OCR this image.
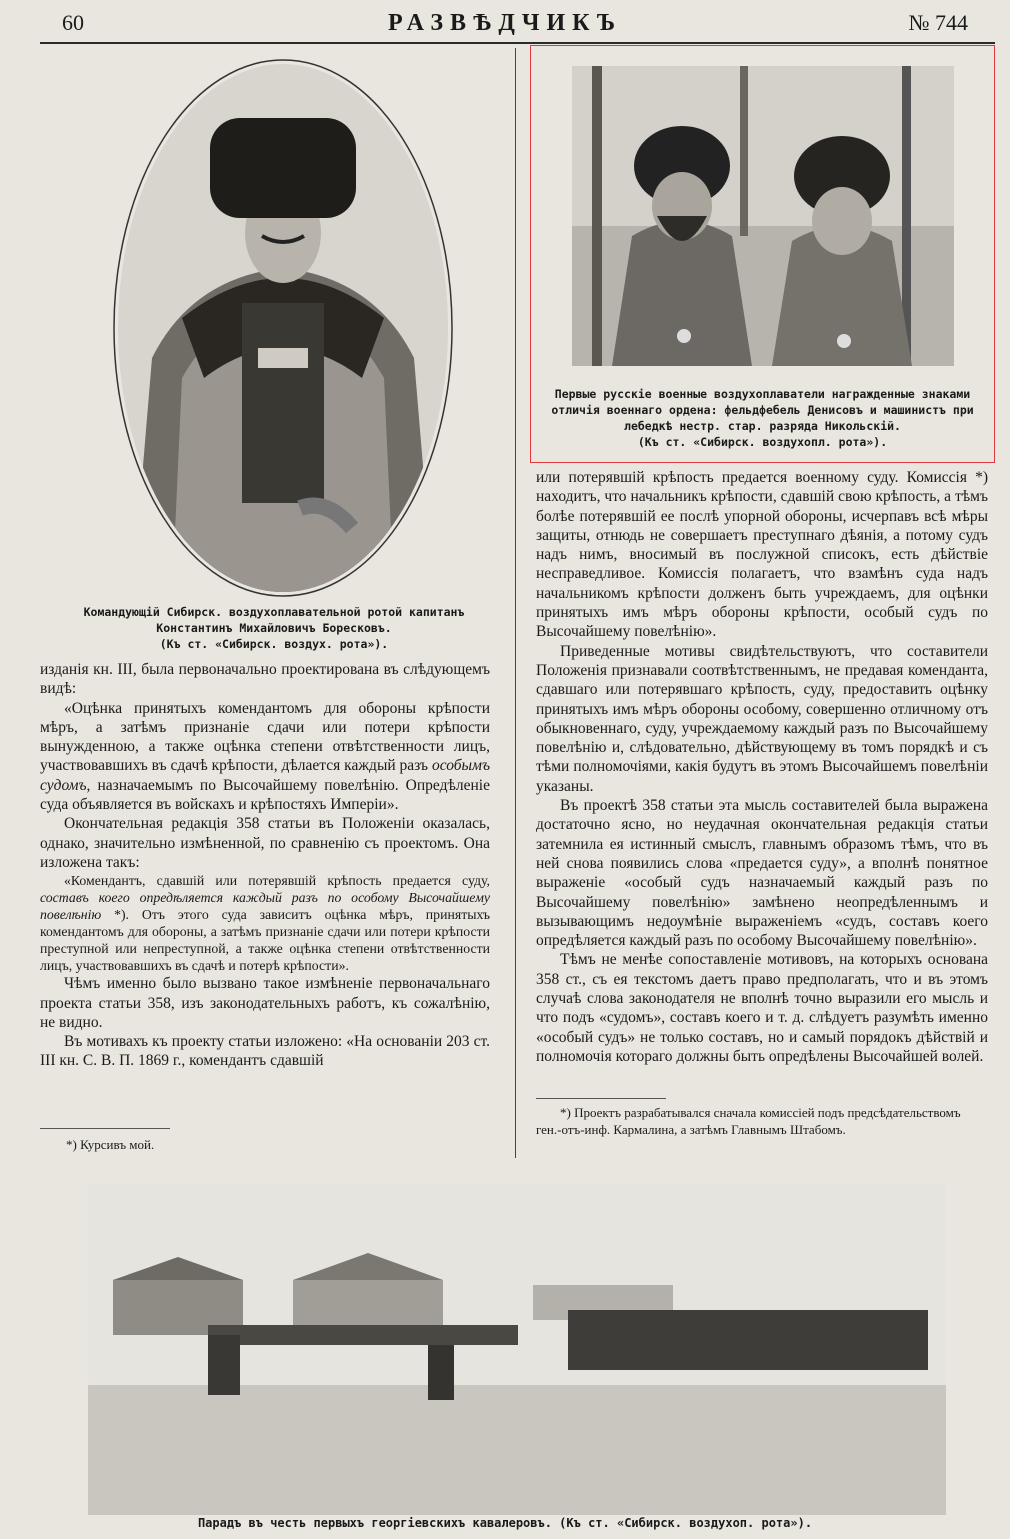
60	РАЗВѢДЧИКЪ	№ 744
Командующій Сибирск. воздухоплавательной ротой капитанъ
Константинъ Михайловичъ Боресковъ.
(Къ ст. «Сибирск. воздух. рота»).
Первые русскіе военные воздухоплаватели награжденные знаками
отличія военнаго ордена: фельдфебель Денисовъ и машинистъ при
лебедкѣ нестр. стар. разряда Никольскій.
(Къ ст. «Сибирск. воздухопл. рота»).

изданія кн. III, была первоначально проектирована въ слѣдующемъ видѣ:

«Оцѣнка принятыхъ комендантомъ для обороны крѣпости мѣръ, а затѣмъ признаніе сдачи или потери крѣпости вынужденною, а также оцѣнка степени отвѣтственности лицъ, участвовавшихъ въ сдачѣ крѣпости, дѣлается каждый разъ особымъ судомъ, назначаемымъ по Высочайшему повелѣнію. Опредѣленіе суда объявляется въ войскахъ и крѣпостяхъ Имперіи».

Окончательная редакція 358 статьи въ Положеніи оказалась, однако, значительно измѣненной, по сравненію съ проектомъ. Она изложена такъ:

«Комендантъ, сдавшій или потерявшій крѣпость предается суду, составъ коего опредѣляется каждый разъ по особому Высочайшему повелѣнію *). Отъ этого суда зависитъ оцѣнка мѣръ, принятыхъ комендантомъ для обороны, а затѣмъ признаніе сдачи или потери крѣпости преступной или непреступной, а также оцѣнка степени отвѣтственности лицъ, участвовавшихъ въ сдачѣ и потерѣ крѣпости».

Чѣмъ именно было вызвано такое измѣненіе первоначальнаго проекта статьи 358, изъ законодательныхъ работъ, къ сожалѣнію, не видно.

Въ мотивахъ къ проекту статьи изложено: «На основаніи 203 ст. III кн. С. В. П. 1869 г., комендантъ сдавшій

*) Курсивъ мой.

или потерявшій крѣпость предается военному суду. Комиссія *) находитъ, что начальникъ крѣпости, сдавшій свою крѣпость, а тѣмъ болѣе потерявшій ее послѣ упорной обороны, исчерпавъ всѣ мѣры защиты, отнюдь не совершаетъ преступнаго дѣянія, а потому судъ надъ нимъ, вносимый въ послужной списокъ, есть дѣйствіе несправедливое. Комиссія полагаетъ, что взамѣнъ суда надъ начальникомъ крѣпости долженъ быть учреждаемъ, для оцѣнки принятыхъ имъ мѣръ обороны крѣпости, особый судъ по Высочайшему повелѣнію».

Приведенные мотивы свидѣтельствуютъ, что составители Положенія признавали соотвѣтственнымъ, не предавая коменданта, сдавшаго или потерявшаго крѣпость, суду, предоставить оцѣнку принятыхъ имъ мѣръ обороны особому, совершенно отличному отъ обыкновеннаго, суду, учреждаемому каждый разъ по Высочайшему повелѣнію и, слѣдовательно, дѣйствующему въ томъ порядкѣ и съ тѣми полномочіями, какія будутъ въ этомъ Высочайшемъ повелѣніи указаны.

Въ проектѣ 358 статьи эта мысль составителей была выражена достаточно ясно, но неудачная окончательная редакція статьи затемнила ея истинный смыслъ, главнымъ образомъ тѣмъ, что въ ней снова появились слова «предается суду», а вполнѣ понятное выраженіе «особый судъ назначаемый каждый разъ по Высочайшему повелѣнію» замѣнено неопредѣленнымъ и вызывающимъ недоумѣніе выраженіемъ «судъ, составъ коего опредѣляется каждый разъ по особому Высочайшему повелѣнію».

Тѣмъ не менѣе сопоставленіе мотивовъ, на которыхъ основана 358 ст., съ ея текстомъ даетъ право предполагать, что и въ этомъ случаѣ слова законодателя не вполнѣ точно выразили его мысль и что подъ «судомъ», составъ коего и т. д. слѣдуетъ разумѣть именно «особый судъ» не только составъ, но и самый порядокъ дѣйствій и полномочія котораго должны быть опредѣлены Высочайшей волей.

*) Проектъ разрабатывался сначала комиссіей подъ предсѣдательствомъ ген.-отъ-инф. Кармалина, а затѣмъ Главнымъ Штабомъ.
Парадъ въ честь первыхъ георгіевскихъ кавалеровъ. (Къ ст. «Сибирск. воздухоп. рота»).
